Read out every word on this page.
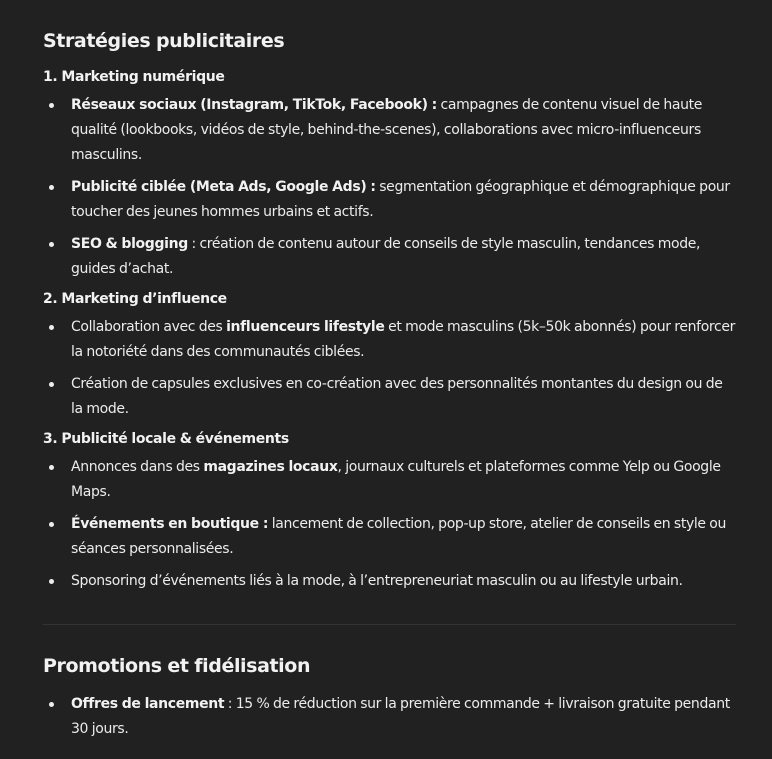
Stratégies publicitaires
1. Marketing numérique
Réseaux sociaux (Instagram, TikTok, Facebook) : campagnes de contenu visuel de haute qualité (lookbooks, vidéos de style, behind-the-scenes), collaborations avec micro-influenceurs masculins.
Publicité ciblée (Meta Ads, Google Ads) : segmentation géographique et démographique pour toucher des jeunes hommes urbains et actifs.
SEO & blogging : création de contenu autour de conseils de style masculin, tendances mode, guides d’achat.
2. Marketing d’influence
Collaboration avec des influenceurs lifestyle et mode masculins (5k–50k abonnés) pour renforcer la notoriété dans des communautés ciblées.
Création de capsules exclusives en co-création avec des personnalités montantes du design ou de la mode.
3. Publicité locale & événements
Annonces dans des magazines locaux, journaux culturels et plateformes comme Yelp ou Google Maps.
Événements en boutique : lancement de collection, pop-up store, atelier de conseils en style ou séances personnalisées.
Sponsoring d’événements liés à la mode, à l’entrepreneuriat masculin ou au lifestyle urbain.
Promotions et fidélisation
Offres de lancement : 15 % de réduction sur la première commande + livraison gratuite pendant 30 jours.
